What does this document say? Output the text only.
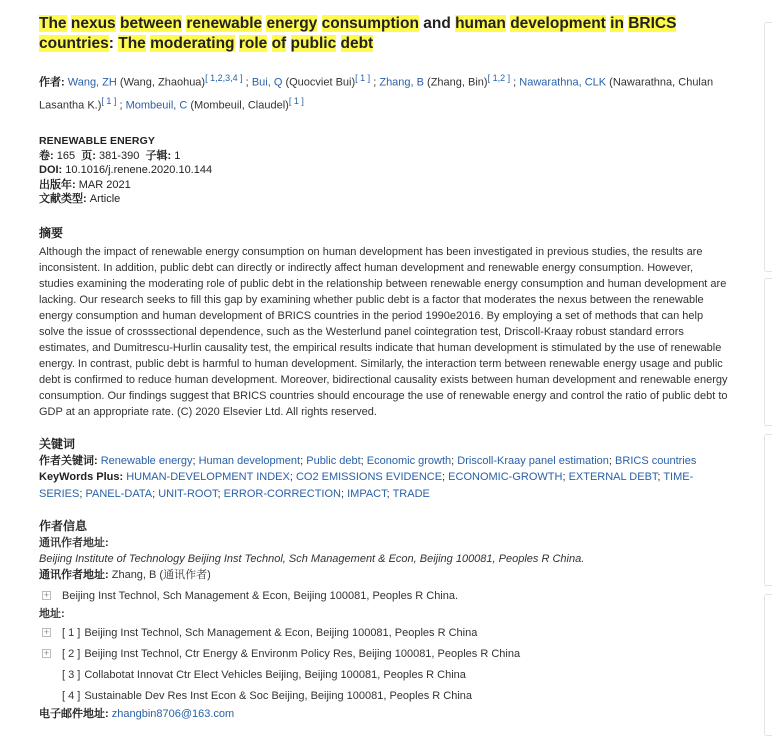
The nexus between renewable energy consumption and human development in BRICS countries: The moderating role of public debt
作者: Wang, ZH (Wang, Zhaohua)[ 1,2,3,4 ] ; Bui, Q (Quocviet Bui)[ 1 ] ; Zhang, B (Zhang, Bin)[ 1,2 ] ; Nawarathna, CLK (Nawarathna, Chulan Lasantha K.)[ 1 ] ; Mombeuil, C (Mombeuil, Claudel)[ 1 ]
RENEWABLE ENERGY
卷: 165 页: 381-390 子辑: 1
DOI: 10.1016/j.renene.2020.10.144
出版年: MAR 2021
文献类型: Article
摘要
Although the impact of renewable energy consumption on human development has been investigated in previous studies, the results are inconsistent. In addition, public debt can directly or indirectly affect human development and renewable energy consumption. However, studies examining the moderating role of public debt in the relationship between renewable energy consumption and human development are lacking. Our research seeks to fill this gap by examining whether public debt is a factor that moderates the nexus between the renewable energy consumption and human development of BRICS countries in the period 1990e2016. By employing a set of methods that can help solve the issue of crosssectional dependence, such as the Westerlund panel cointegration test, Driscoll-Kraay robust standard errors estimates, and Dumitrescu-Hurlin causality test, the empirical results indicate that human development is stimulated by the use of renewable energy. In contrast, public debt is harmful to human development. Similarly, the interaction term between renewable energy usage and public debt is confirmed to reduce human development. Moreover, bidirectional causality exists between human development and renewable energy consumption. Our findings suggest that BRICS countries should encourage the use of renewable energy and control the ratio of public debt to GDP at an appropriate rate. (C) 2020 Elsevier Ltd. All rights reserved.
关键词
作者关键词: Renewable energy; Human development; Public debt; Economic growth; Driscoll-Kraay panel estimation; BRICS countries
KeyWords Plus: HUMAN-DEVELOPMENT INDEX; CO2 EMISSIONS EVIDENCE; ECONOMIC-GROWTH; EXTERNAL DEBT; TIME-SERIES; PANEL-DATA; UNIT-ROOT; ERROR-CORRECTION; IMPACT; TRADE
作者信息
通讯作者地址:
Beijing Institute of Technology Beijing Inst Technol, Sch Management & Econ, Beijing 100081, Peoples R China.
通讯作者地址: Zhang, B (通讯作者)
+ Beijing Inst Technol, Sch Management & Econ, Beijing 100081, Peoples R China.
地址:
+ [ 1 ] Beijing Inst Technol, Sch Management & Econ, Beijing 100081, Peoples R China
+ [ 2 ] Beijing Inst Technol, Ctr Energy & Environm Policy Res, Beijing 100081, Peoples R China
[ 3 ] Collabotat Innovat Ctr Elect Vehicles Beijing, Beijing 100081, Peoples R China
[ 4 ] Sustainable Dev Res Inst Econ & Soc Beijing, Beijing 100081, Peoples R China
电子邮件地址: zhangbin8706@163.com
